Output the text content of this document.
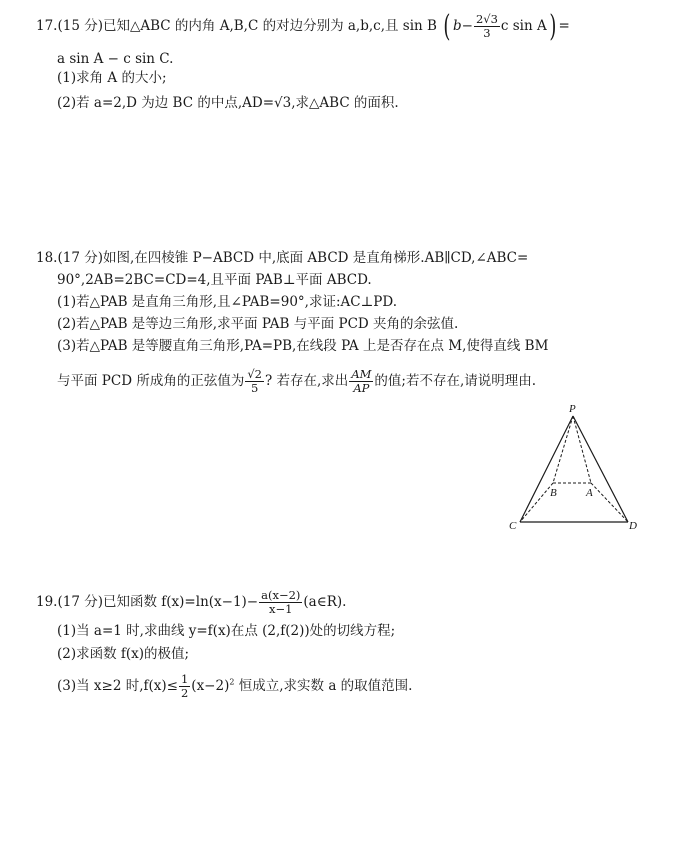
17.(15 分)已知△ABC 的内角 A,B,C 的对边分别为 a,b,c,且 sin B ( $b- \frac{2√3}{3}$ c sin A) =
a sin A − c sin C.
(1)求角 A 的大小;
(2)若 a=2,D 为边 BC 的中点,AD=√3,求△ABC 的面积.
18.(17 分)如图,在四棱锥 P−ABCD 中,底面 ABCD 是直角梯形.AB∥CD,∠ABC=
90°,2AB=2BC=CD=4,且平面 PAB⊥平面 ABCD.
(1)若△PAB 是直角三角形,且∠PAB=90°,求证:AC⊥PD.
(2)若△PAB 是等边三角形,求平面 PAB 与平面 PCD 夹角的余弦值.
(3)若△PAB 是等腰直角三角形,PA=PB,在线段 PA 上是否存在点 M,使得直线 BM
与平面 PCD 所成角的正弦值为 $\frac{√2}{5}$ ? 若存在,求出 $\frac{AM}{AP}$ 的值;若不存在,请说明理由.
P
B	A
C	D
19.(17 分)已知函数 $f(x)=\ln(x-1)- \frac{a(x-2)}{x-1}$ (a∈R).
(1)当 a=1 时,求曲线 y=f(x)在点 (2,f(2))处的切线方程;
(2)求函数 f(x)的极值;
(3)当 x≥2 时$,f(x)\le \frac{1}{2} (x-2)^2$ 恒成立,求实数 a 的取值范围.
